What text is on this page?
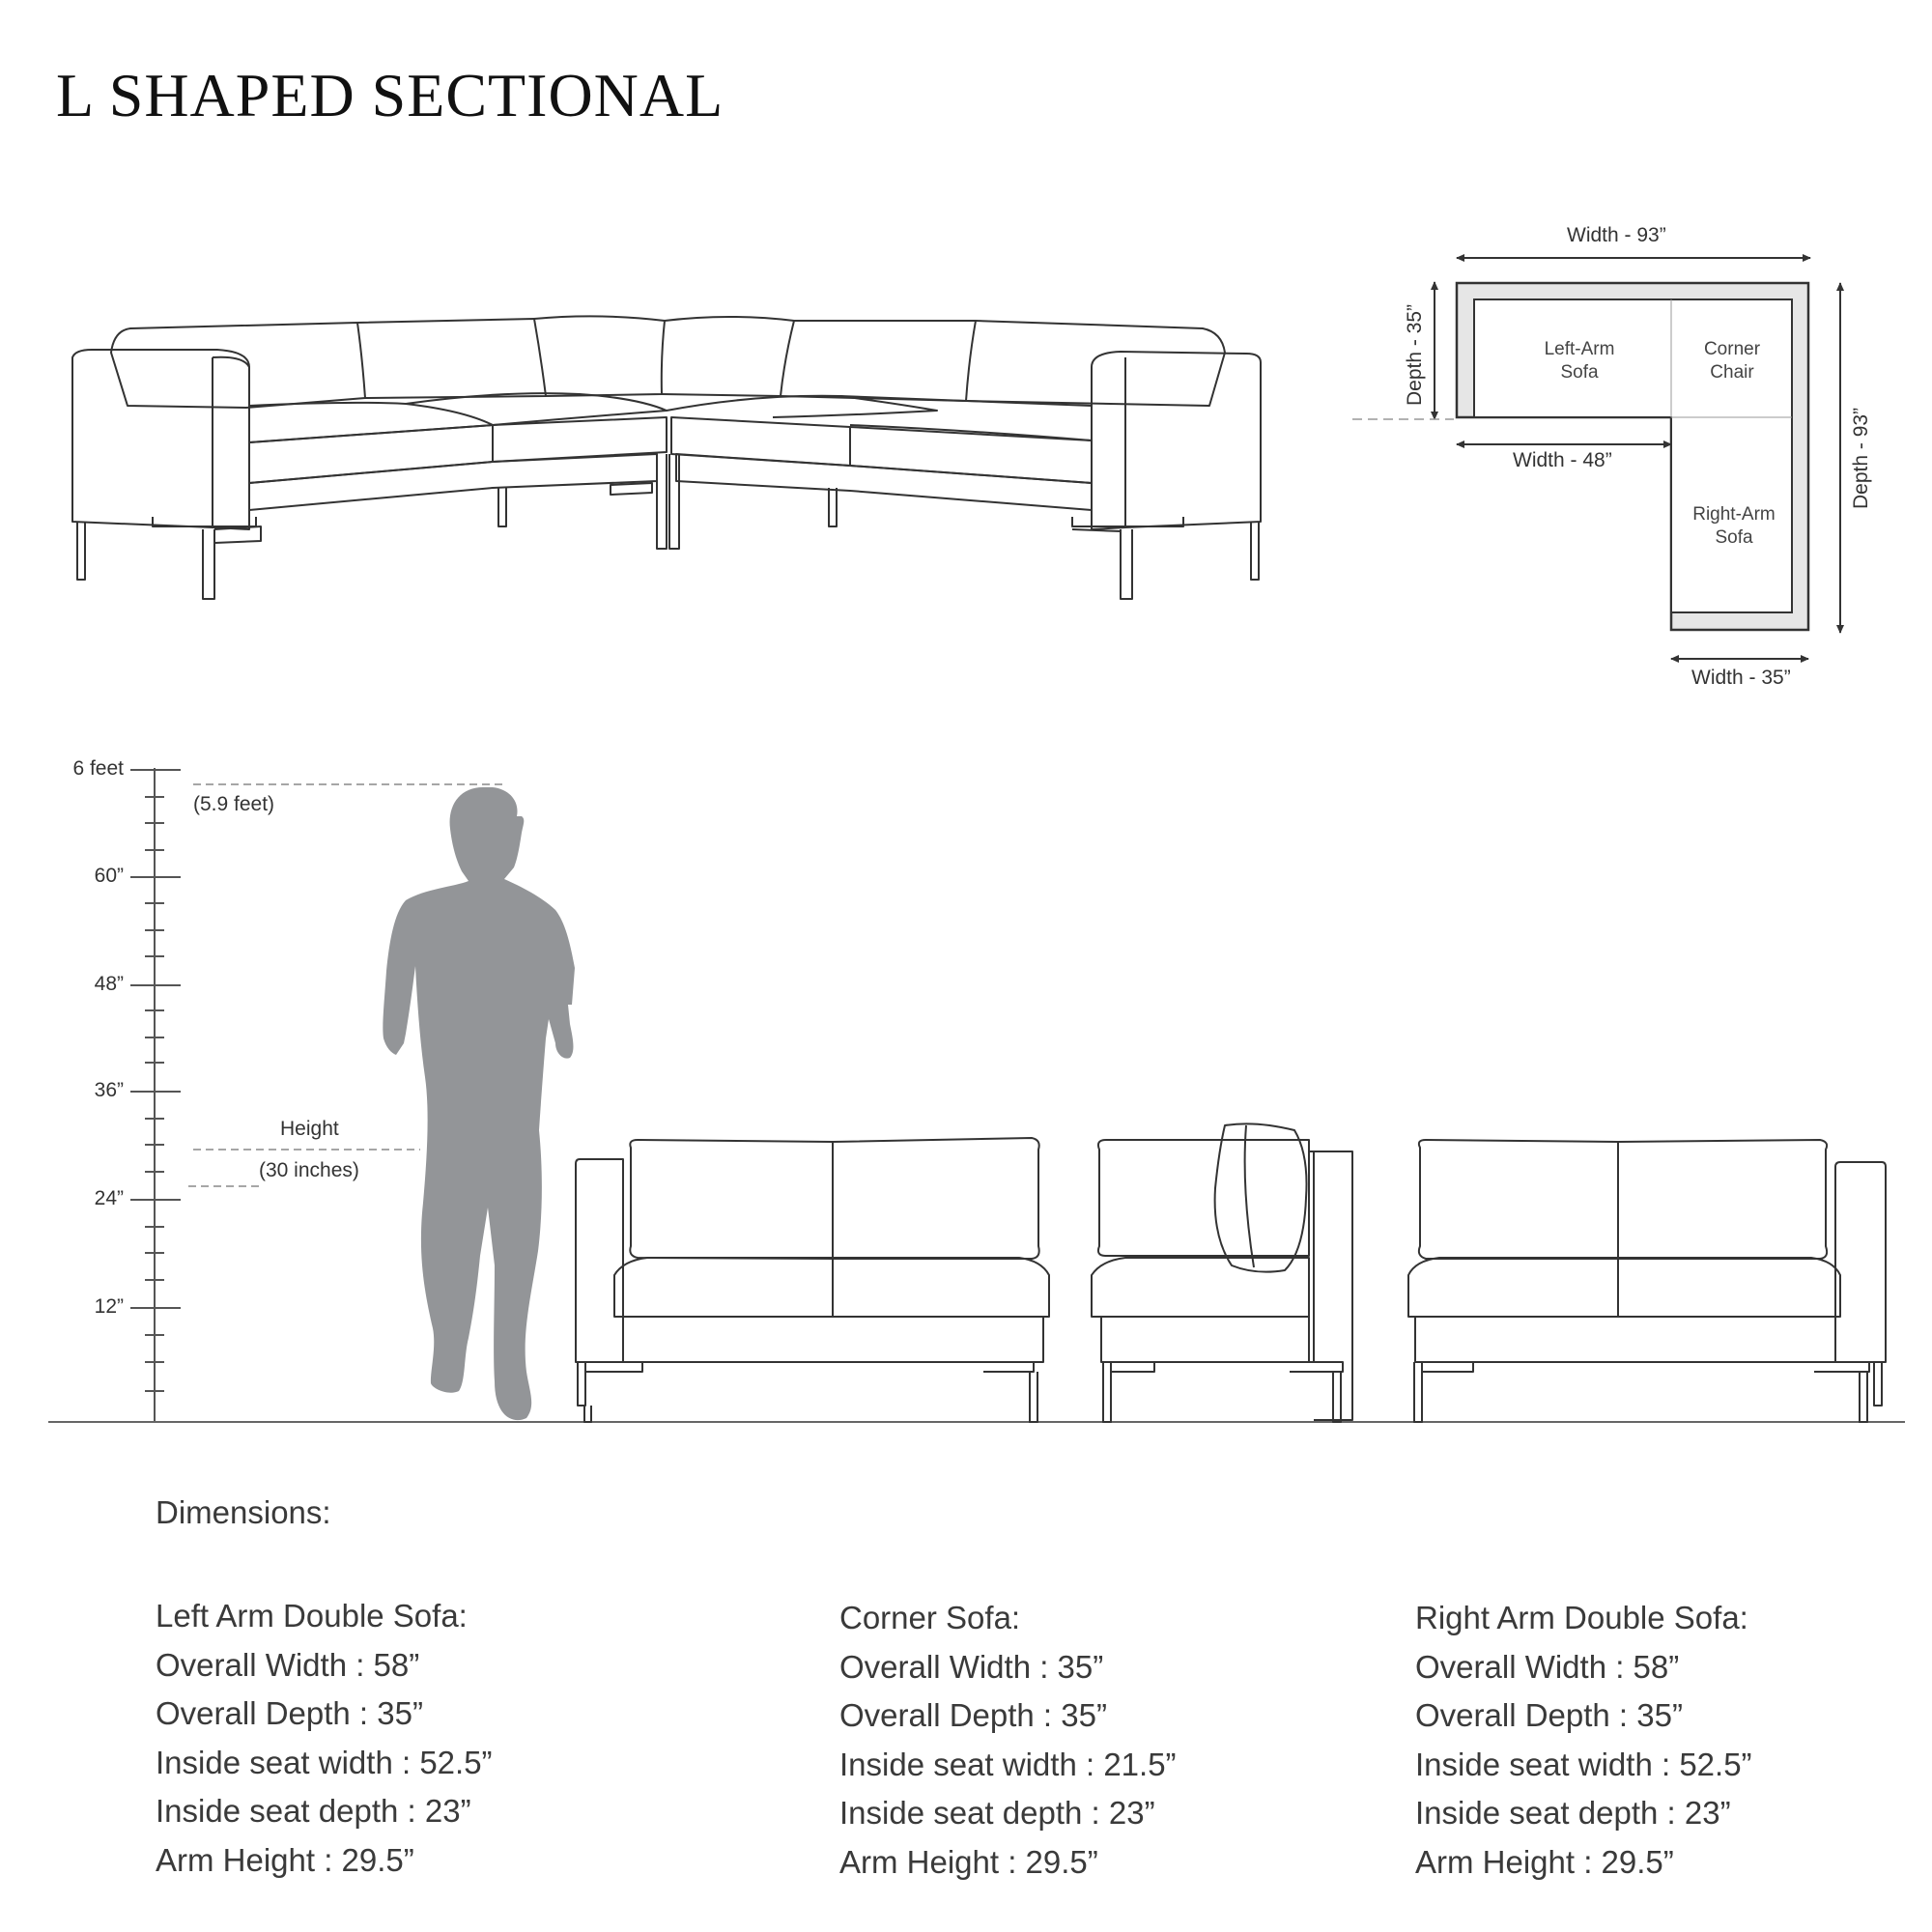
L SHAPED SECTIONAL
Width - 93”
Depth - 35”
Depth - 93”
Width - 48”
Width - 35”
Left-Arm
Sofa
Corner
Chair
Right-Arm
Sofa
6 feet
60”
48”
36”
24”
12”
(5.9 feet)
Height
(30 inches)
Dimensions:
Left Arm Double Sofa:
Overall Width : 58”
Overall Depth : 35”
Inside seat width : 52.5”
Inside seat depth : 23”
Arm Height : 29.5”
Corner Sofa:
Overall Width : 35”
Overall Depth : 35”
Inside seat width : 21.5”
Inside seat depth : 23”
Arm Height : 29.5”
Right Arm Double Sofa:
Overall Width : 58”
Overall Depth : 35”
Inside seat width : 52.5”
Inside seat depth : 23”
Arm Height : 29.5”
